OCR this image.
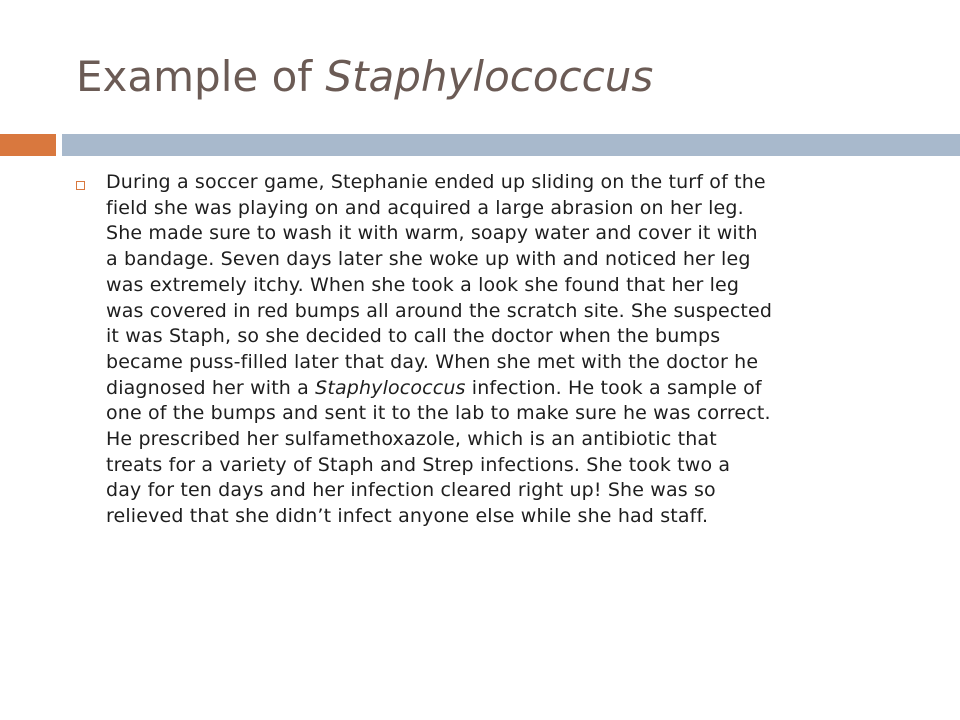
Example of Staphylococcus
During a soccer game, Stephanie ended up sliding on the turf of the
field she was playing on and acquired a large abrasion on her leg.
She made sure to wash it with warm, soapy water and cover it with
a bandage. Seven days later she woke up with and noticed her leg
was extremely itchy. When she took a look she found that her leg
was covered in red bumps all around the scratch site. She suspected
it was Staph, so she decided to call the doctor when the bumps
became puss-filled later that day. When she met with the doctor he
diagnosed her with a Staphylococcus infection. He took a sample of
one of the bumps and sent it to the lab to make sure he was correct.
He prescribed her sulfamethoxazole, which is an antibiotic that
treats for a variety of Staph and Strep infections. She took two a
day for ten days and her infection cleared right up! She was so
relieved that she didn’t infect anyone else while she had staff.
